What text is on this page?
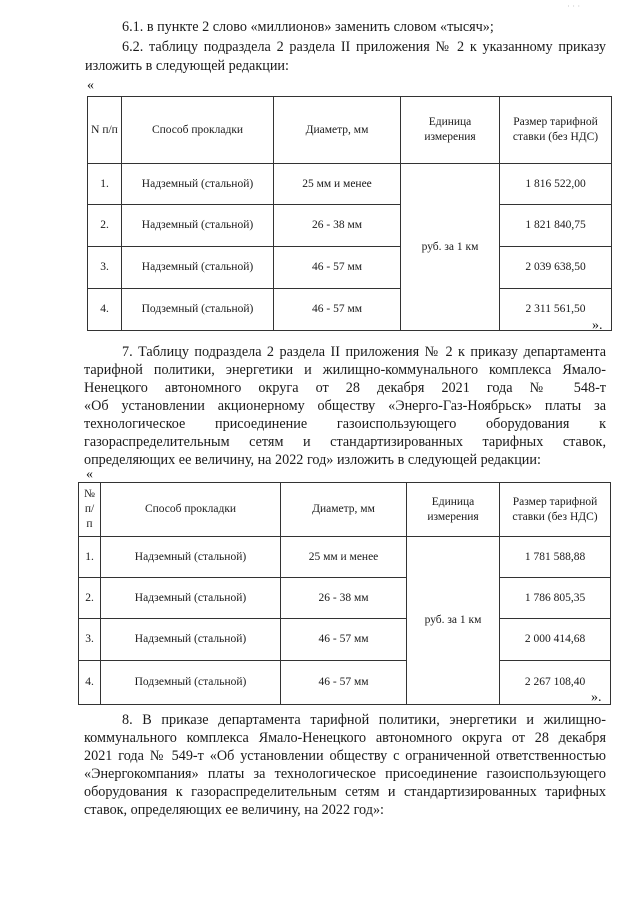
· · ·

6.1. в пункте 2 слово «миллионов» заменить словом «тысяч»;

6.2. таблицу подраздела 2 раздела II приложения № 2 к указанному приказу

изложить в следующей редакции:

«
N п/п	Способ прокладки	Диаметр, мм	Единица измерения	Размер тарифной ставки (без НДС)
1.	Надземный (стальной)	25 мм и менее	руб. за 1 км	1 816 522,00
2.	Надземный (стальной)	26 - 38 мм		1 821 840,75
3.	Надземный (стальной)	46 - 57 мм		2 039 638,50
4.	Подземный (стальной)	46 - 57 мм		2 311 561,50
».

7. Таблицу подраздела 2 раздела II приложения № 2 к приказу департамента

тарифной политики, энергетики и жилищно-коммунального комплекса Ямало-

Ненецкого автономного округа от 28 декабря 2021 года № 548-т

«Об установлении акционерному обществу «Энерго-Газ-Ноябрьск» платы за

технологическое присоединение газоиспользующего оборудования к

газораспределительным сетям и стандартизированных тарифных ставок,

определяющих ее величину, на 2022 год» изложить в следующей редакции:

«
№ п/п	Способ прокладки	Диаметр, мм	Единица измерения	Размер тарифной ставки (без НДС)
1.	Надземный (стальной)	25 мм и менее	руб. за 1 км	1 781 588,88
2.	Надземный (стальной)	26 - 38 мм		1 786 805,35
3.	Надземный (стальной)	46 - 57 мм		2 000 414,68
4.	Подземный (стальной)	46 - 57 мм		2 267 108,40
».

8. В приказе департамента тарифной политики, энергетики и жилищно-

коммунального комплекса Ямало-Ненецкого автономного округа от 28 декабря

2021 года № 549-т «Об установлении обществу с ограниченной ответственностью

«Энергокомпания» платы за технологическое присоединение газоиспользующего

оборудования к газораспределительным сетям и стандартизированных тарифных

ставок, определяющих ее величину, на 2022 год»:
